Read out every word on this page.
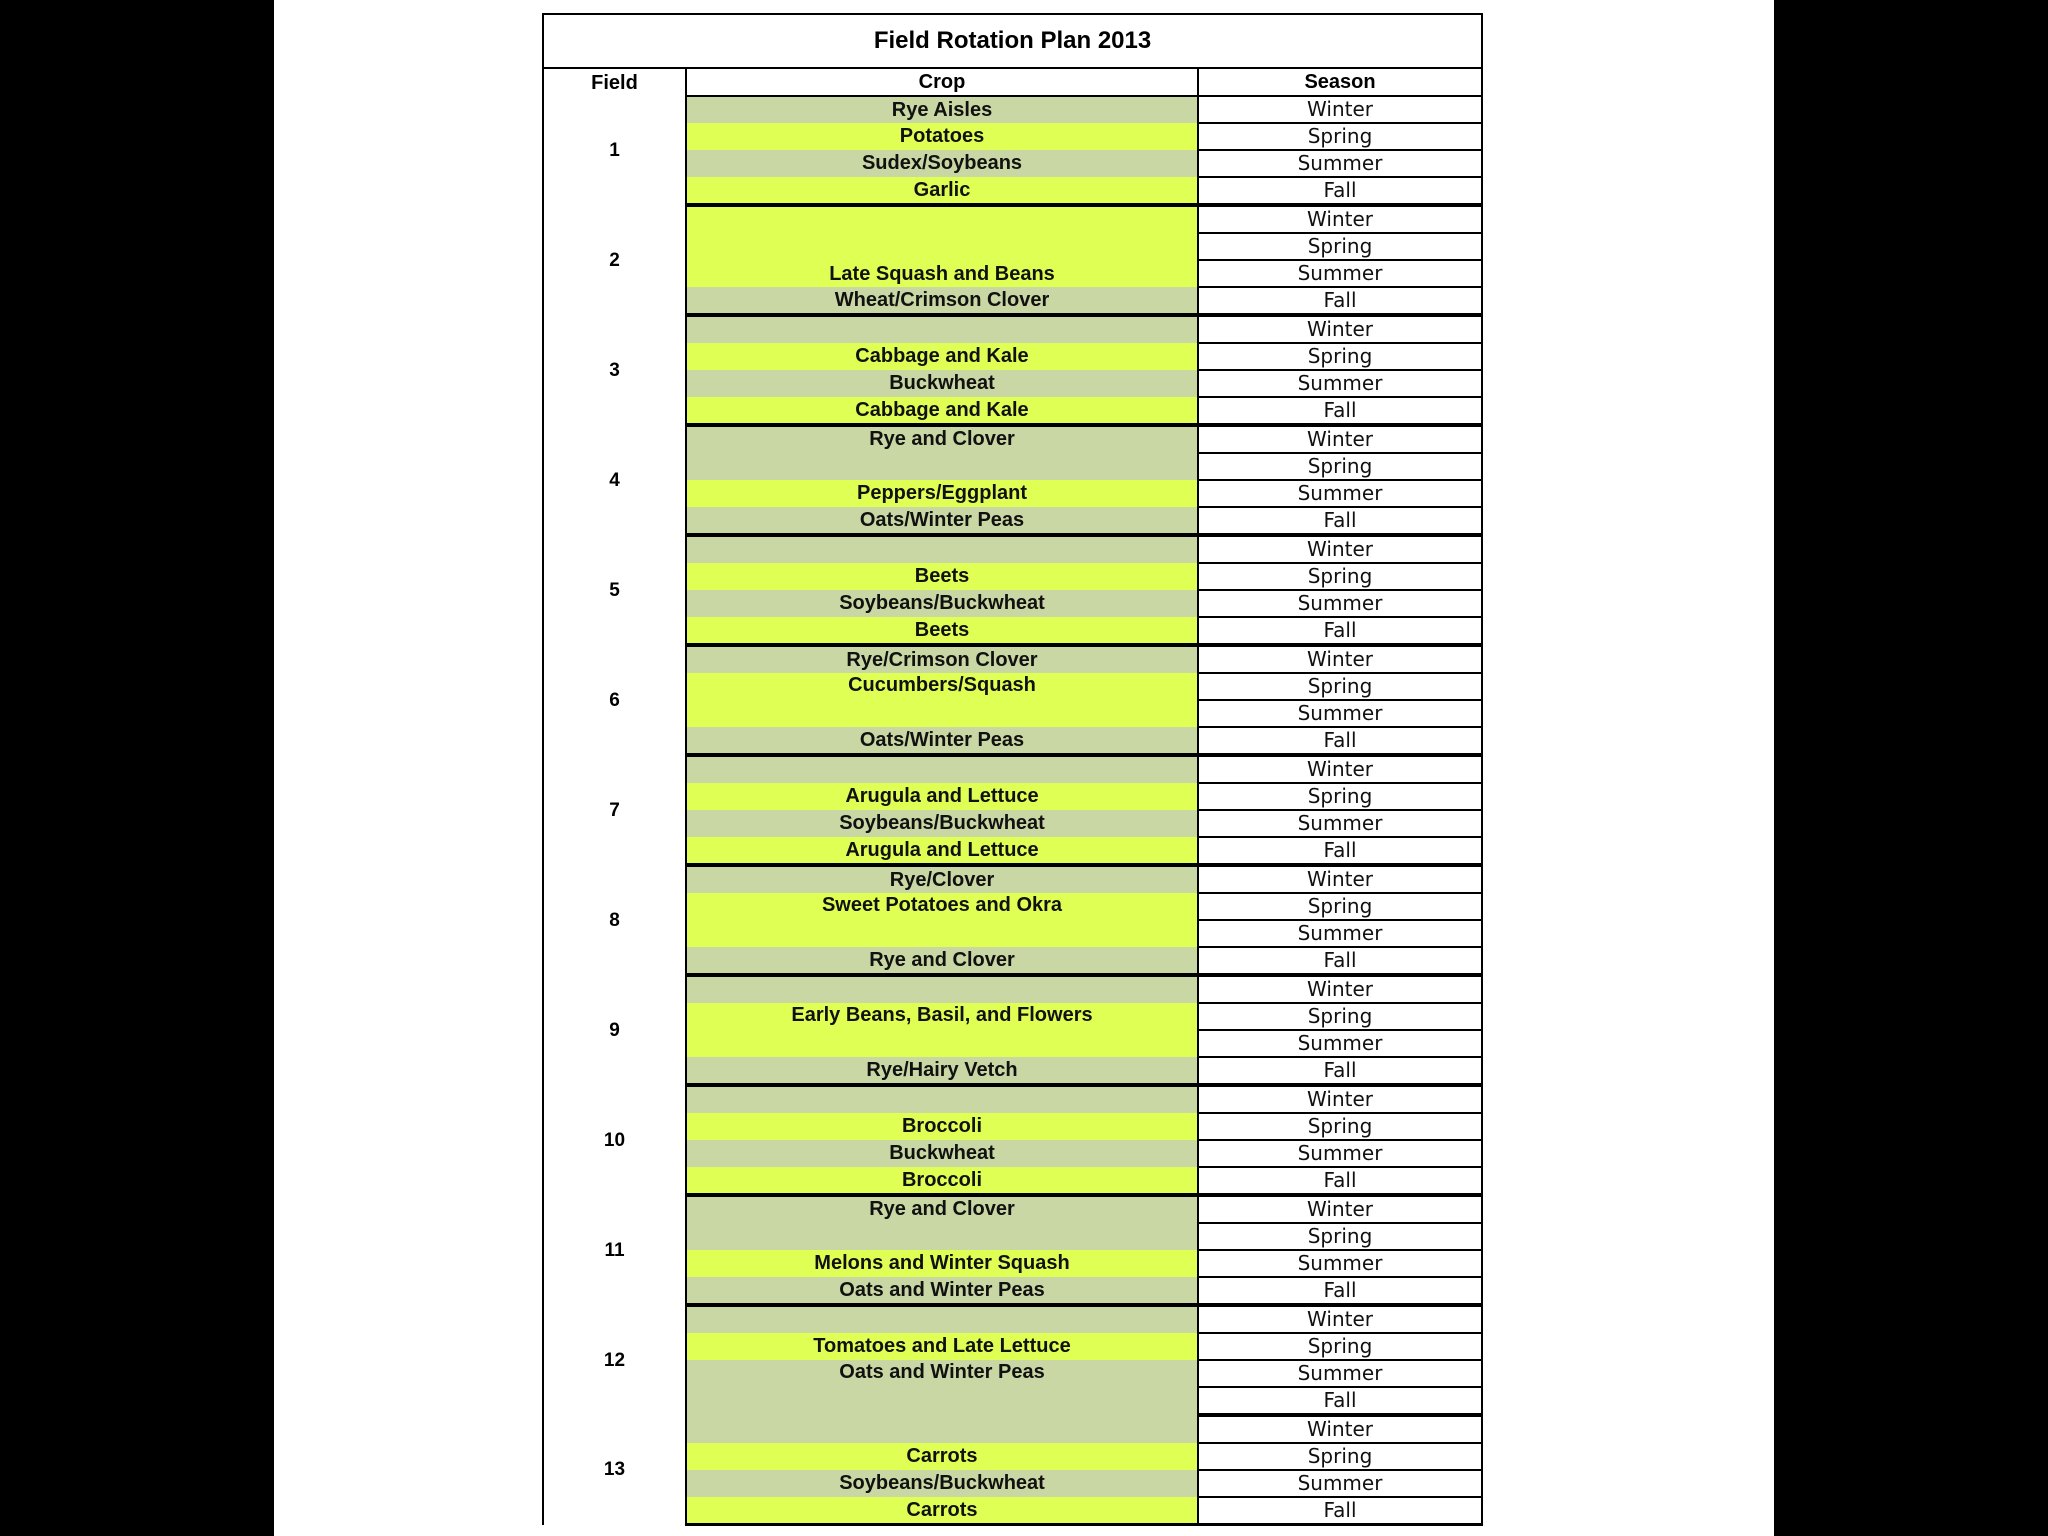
Field Rotation Plan 2013		
Field	Crop	Season
1	Rye Aisles	Winter
	Potatoes	Spring
	Sudex/Soybeans	Summer
	Garlic	Fall
2	Late Squash and Beans	Winter
		Spring
		Summer
	Wheat/Crimson Clover	Fall
3		Winter
	Cabbage and Kale	Spring
	Buckwheat	Summer
	Cabbage and Kale	Fall
4	Rye and Clover	Winter
		Spring
	Peppers/Eggplant	Summer
	Oats/Winter Peas	Fall
5		Winter
	Beets	Spring
	Soybeans/Buckwheat	Summer
	Beets	Fall
6	Rye/Crimson Clover	Winter
	Cucumbers/Squash	Spring
		Summer
	Oats/Winter Peas	Fall
7		Winter
	Arugula and Lettuce	Spring
	Soybeans/Buckwheat	Summer
	Arugula and Lettuce	Fall
8	Rye/Clover	Winter
	Sweet Potatoes and Okra	Spring
		Summer
	Rye and Clover	Fall
9		Winter
	Early Beans, Basil, and Flowers	Spring
		Summer
	Rye/Hairy Vetch	Fall
10		Winter
	Broccoli	Spring
	Buckwheat	Summer
	Broccoli	Fall
11	Rye and Clover	Winter
		Spring
	Melons and Winter Squash	Summer
	Oats and Winter Peas	Fall
12		Winter
	Tomatoes and Late Lettuce	Spring
	Oats and Winter Peas	Summer
		Fall
13		Winter
	Carrots	Spring
	Soybeans/Buckwheat	Summer
	Carrots	Fall
